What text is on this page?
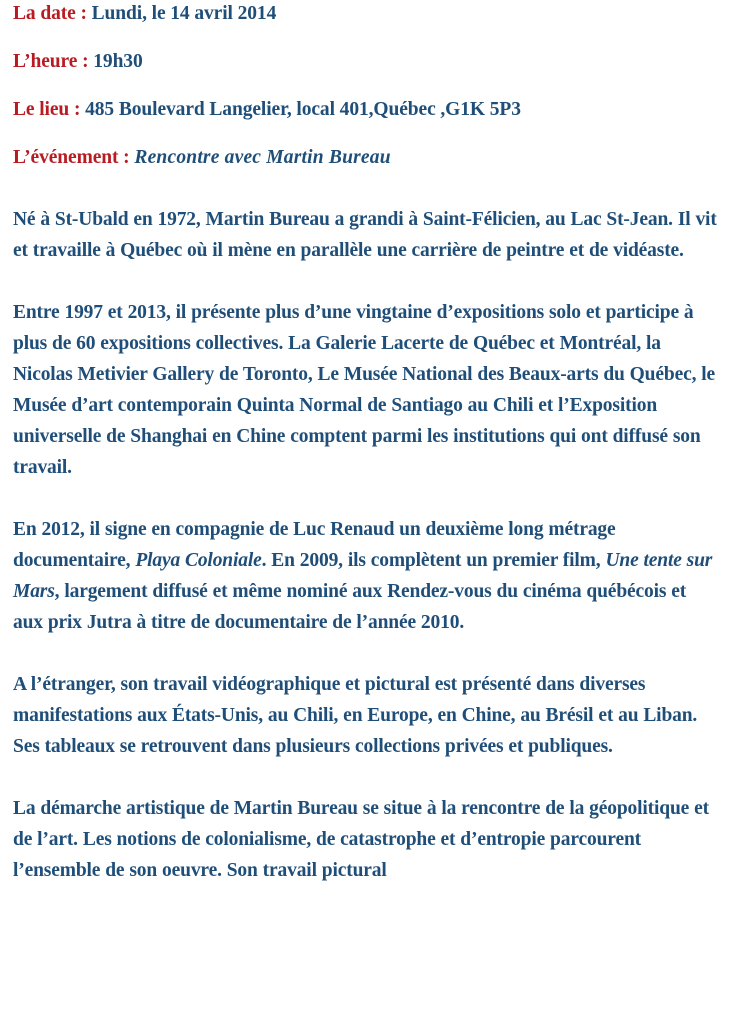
La date : Lundi, le 14 avril 2014

L’heure : 19h30

Le lieu : 485 Boulevard Langelier, local 401,Québec ,G1K 5P3

L’événement : Rencontre avec Martin Bureau

Né à St-Ubald en 1972, Martin Bureau a grandi à Saint-Félicien, au Lac St-Jean. Il vit et travaille à Québec où il mène en parallèle une carrière de peintre et de vidéaste.

Entre 1997 et 2013, il présente plus d’une vingtaine d’expositions solo et participe à plus de 60 expositions collectives. La Galerie Lacerte de Québec et Montréal, la Nicolas Metivier Gallery de Toronto, Le Musée National des Beaux-arts du Québec, le Musée d’art contemporain Quinta Normal de Santiago au Chili et l’Exposition universelle de Shanghai en Chine comptent parmi les institutions qui ont diffusé son travail.

En 2012, il signe en compagnie de Luc Renaud un deuxième long métrage documentaire, Playa Coloniale. En 2009, ils complètent un premier film, Une tente sur Mars, largement diffusé et même nominé aux Rendez-vous du cinéma québécois et aux prix Jutra à titre de documentaire de l’année 2010.

A l’étranger, son travail vidéographique et pictural est présenté dans diverses manifestations aux États-Unis, au Chili, en Europe, en Chine, au Brésil et au Liban. Ses tableaux se retrouvent dans plusieurs collections privées et publiques.

La démarche artistique de Martin Bureau se situe à la rencontre de la géopolitique et de l’art. Les notions de colonialisme, de catastrophe et d’entropie parcourent l’ensemble de son oeuvre. Son travail pictural
